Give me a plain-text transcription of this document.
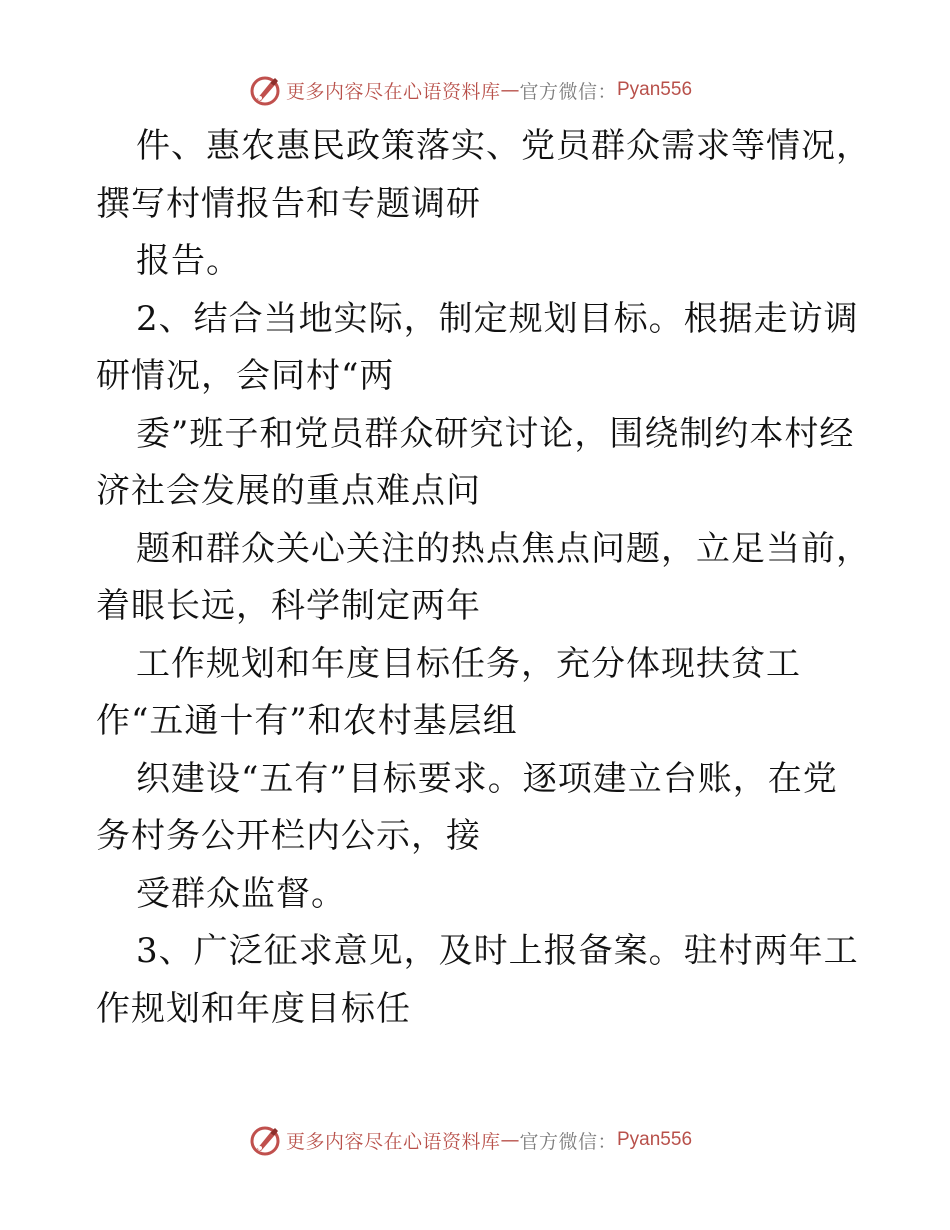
更多内容尽在心语资料库 — 官方微信： Pyan556
件、惠农惠民政策落实、党员群众需求等情况，
撰写村情报告和专题调研
报告。
2、结合当地实际，制定规划目标。根据走访调
研情况，会同村“两
委”班子和党员群众研究讨论，围绕制约本村经
济社会发展的重点难点问
题和群众关心关注的热点焦点问题，立足当前，
着眼长远，科学制定两年
工作规划和年度目标任务，充分体现扶贫工
作“五通十有”和农村基层组
织建设“五有”目标要求。逐项建立台账，在党
务村务公开栏内公示，接
受群众监督。
3、广泛征求意见，及时上报备案。驻村两年工
作规划和年度目标任
更多内容尽在心语资料库 — 官方微信： Pyan556
